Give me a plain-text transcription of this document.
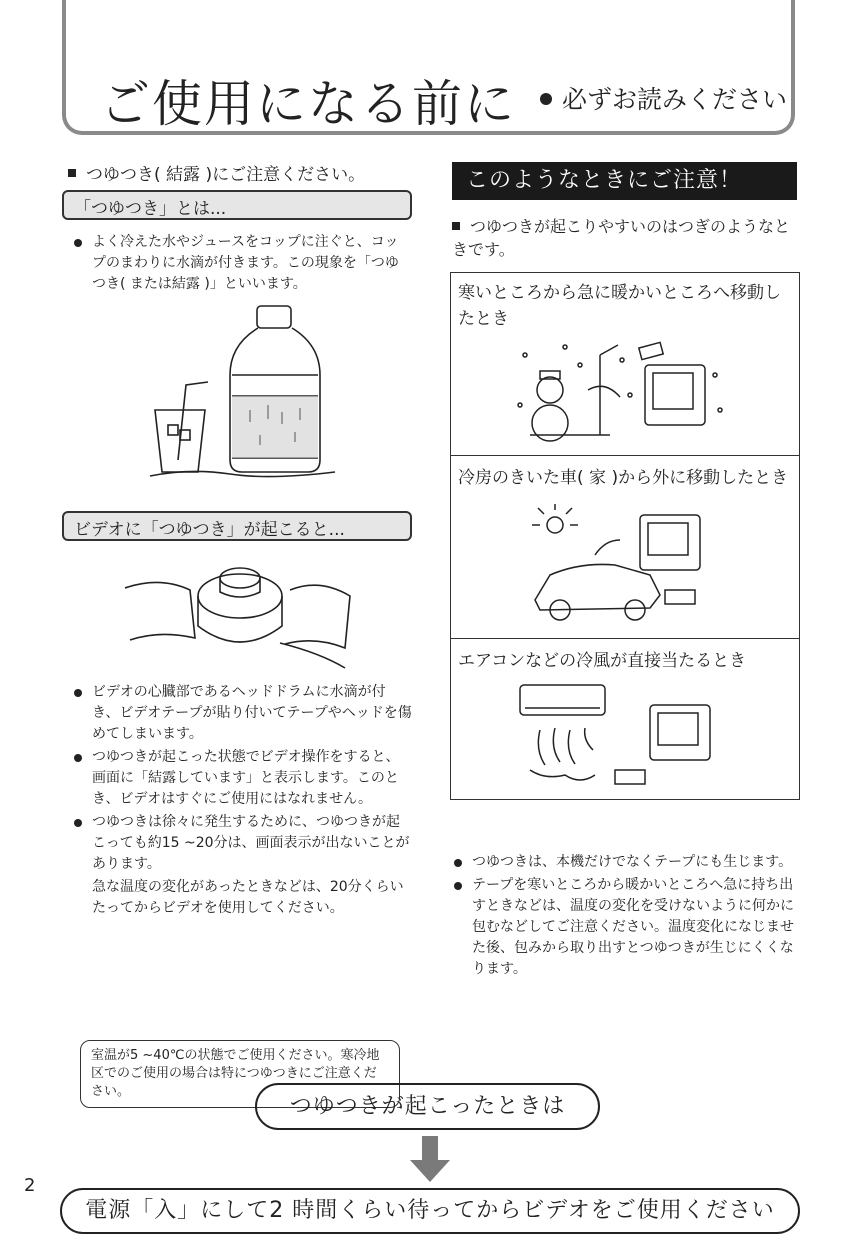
ご使用になる前に	必ずお読みください
つゆつき( 結露 )にご注意ください。
「つゆつき」とは...
よく冷えた水やジュースをコップに注ぐと、コップのまわりに水滴が付きます。この現象を「つゆつき( または結露 )」といいます。
ビデオに「つゆつき」が起こると...
ビデオの心臓部であるヘッドドラムに水滴が付き、ビデオテープが貼り付いてテープやヘッドを傷めてしまいます。
つゆつきが起こった状態でビデオ操作をすると、画面に「結露しています」と表示します。このとき、ビデオはすぐにご使用にはなれません。
つゆつきは徐々に発生するために、つゆつきが起こっても約15 ~20分は、画面表示が出ないことがあります。
急な温度の変化があったときなどは、20分くらいたってからビデオを使用してください。
室温が5 ~40℃の状態でご使用ください。寒冷地区でのご使用の場合は特につゆつきにご注意ください。
このようなときにご注意！
つゆつきが起こりやすいのはつぎのようなときです。
寒いところから急に暖かいところへ移動したとき
冷房のきいた車( 家 )から外に移動したとき
エアコンなどの冷風が直接当たるとき
つゆつきは、本機だけでなくテープにも生じます。
テープを寒いところから暖かいところへ急に持ち出すときなどは、温度の変化を受けないように何かに包むなどしてご注意ください。温度変化になじませた後、包みから取り出すとつゆつきが生じにくくなります。
つゆつきが起こったときは
電源「入」にして2 時間くらい待ってからビデオをご使用ください
2
